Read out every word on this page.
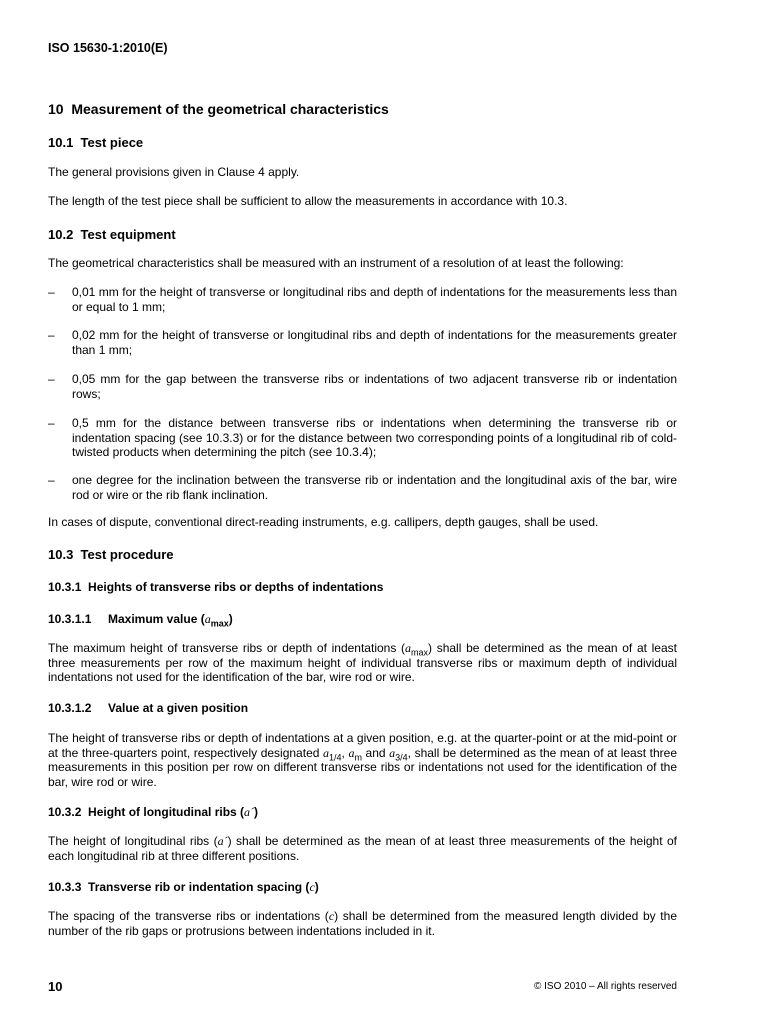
ISO 15630-1:2010(E)
10 Measurement of the geometrical characteristics
10.1 Test piece
The general provisions given in Clause 4 apply.
The length of the test piece shall be sufficient to allow the measurements in accordance with 10.3.
10.2 Test equipment
The geometrical characteristics shall be measured with an instrument of a resolution of at least the following:
–	0,01 mm for the height of transverse or longitudinal ribs and depth of indentations for the measurements less than or equal to 1 mm;
–	0,02 mm for the height of transverse or longitudinal ribs and depth of indentations for the measurements greater than 1 mm;
–	0,05 mm for the gap between the transverse ribs or indentations of two adjacent transverse rib or indentation rows;
–	0,5 mm for the distance between transverse ribs or indentations when determining the transverse rib or indentation spacing (see 10.3.3) or for the distance between two corresponding points of a longitudinal rib of cold-twisted products when determining the pitch (see 10.3.4);
–	one degree for the inclination between the transverse rib or indentation and the longitudinal axis of the bar, wire rod or wire or the rib flank inclination.
In cases of dispute, conventional direct-reading instruments, e.g. callipers, depth gauges, shall be used.
10.3 Test procedure
10.3.1 Heights of transverse ribs or depths of indentations
10.3.1.1 Maximum value $(a_{max})$
The maximum height of transverse ribs or depth of indentations $(a_{max})$ shall be determined as the mean of at least three measurements per row of the maximum height of individual transverse ribs or maximum depth of individual indentations not used for the identification of the bar, wire rod or wire.
10.3.1.2 Value at a given position
The height of transverse ribs or depth of indentations at a given position, e.g. at the quarter-point or at the mid-point or at the three-quarters point, respectively designated $a_{1/4}$, $a_m$ and $a_{3/4}$, shall be determined as the mean of at least three measurements in this position per row on different transverse ribs or indentations not used for the identification of the bar, wire rod or wire.
10.3.2 Height of longitudinal ribs (a´)
The height of longitudinal ribs (a´) shall be determined as the mean of at least three measurements of the height of each longitudinal rib at three different positions.
10.3.3 Transverse rib or indentation spacing (c)
The spacing of the transverse ribs or indentations (c) shall be determined from the measured length divided by the number of the rib gaps or protrusions between indentations included in it.
10	© ISO 2010 – All rights reserved
